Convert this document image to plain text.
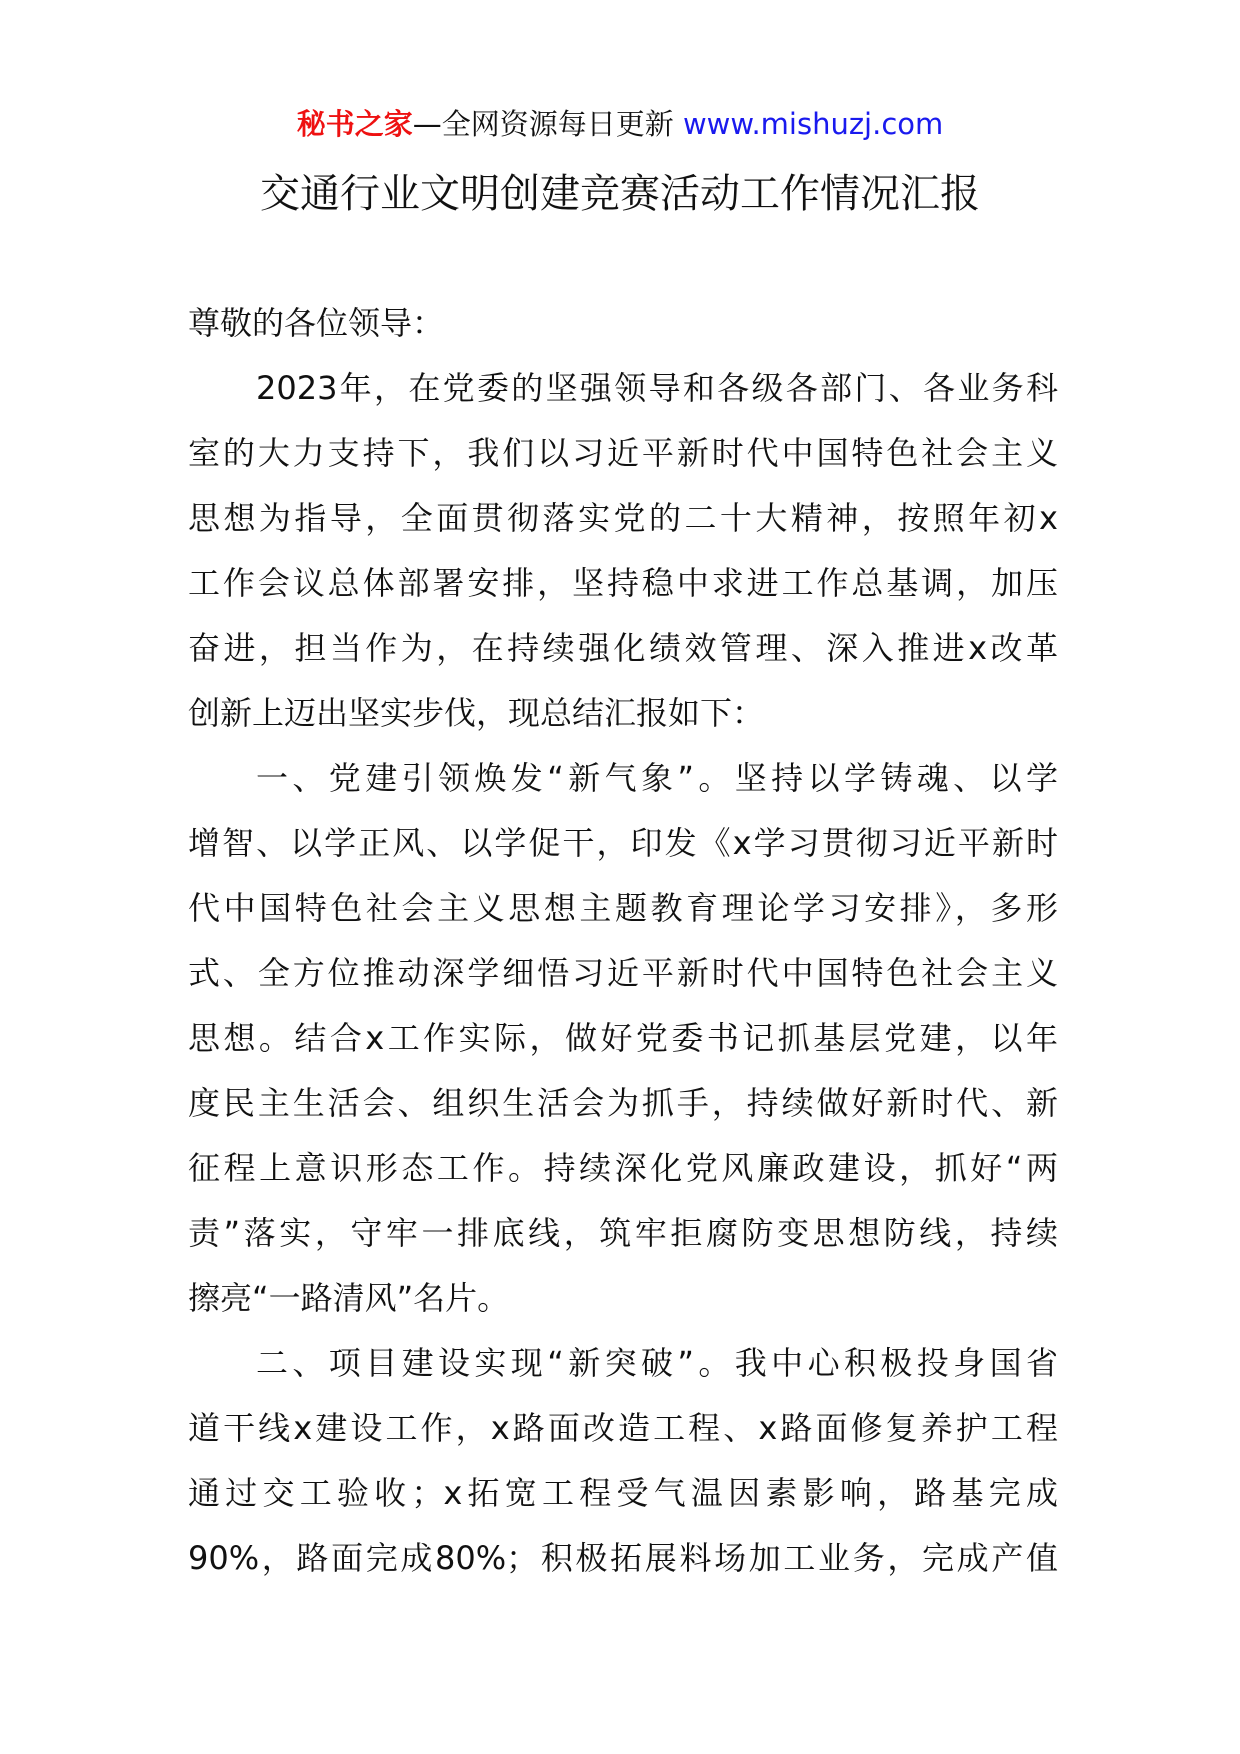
秘书之家—全网资源每日更新 www.mishuzj.com
交通行业文明创建竞赛活动工作情况汇报
尊敬的各位领导：
2023年，在党委的坚强领导和各级各部门、各业务科
室的大力支持下，我们以习近平新时代中国特色社会主义
思想为指导，全面贯彻落实党的二十大精神，按照年初x
工作会议总体部署安排，坚持稳中求进工作总基调，加压
奋进，担当作为，在持续强化绩效管理、深入推进x改革
创新上迈出坚实步伐，现总结汇报如下：
一、党建引领焕发“新气象”。坚持以学铸魂、以学
增智、以学正风、以学促干，印发《x学习贯彻习近平新时
代中国特色社会主义思想主题教育理论学习安排》，多形
式、全方位推动深学细悟习近平新时代中国特色社会主义
思想。结合x工作实际，做好党委书记抓基层党建，以年
度民主生活会、组织生活会为抓手，持续做好新时代、新
征程上意识形态工作。持续深化党风廉政建设，抓好“两
责”落实，守牢一排底线，筑牢拒腐防变思想防线，持续
擦亮“一路清风”名片。
二、项目建设实现“新突破”。我中心积极投身国省
道干线x建设工作，x路面改造工程、x路面修复养护工程
通过交工验收；x拓宽工程受气温因素影响，路基完成
90%，路面完成80%；积极拓展料场加工业务，完成产值
